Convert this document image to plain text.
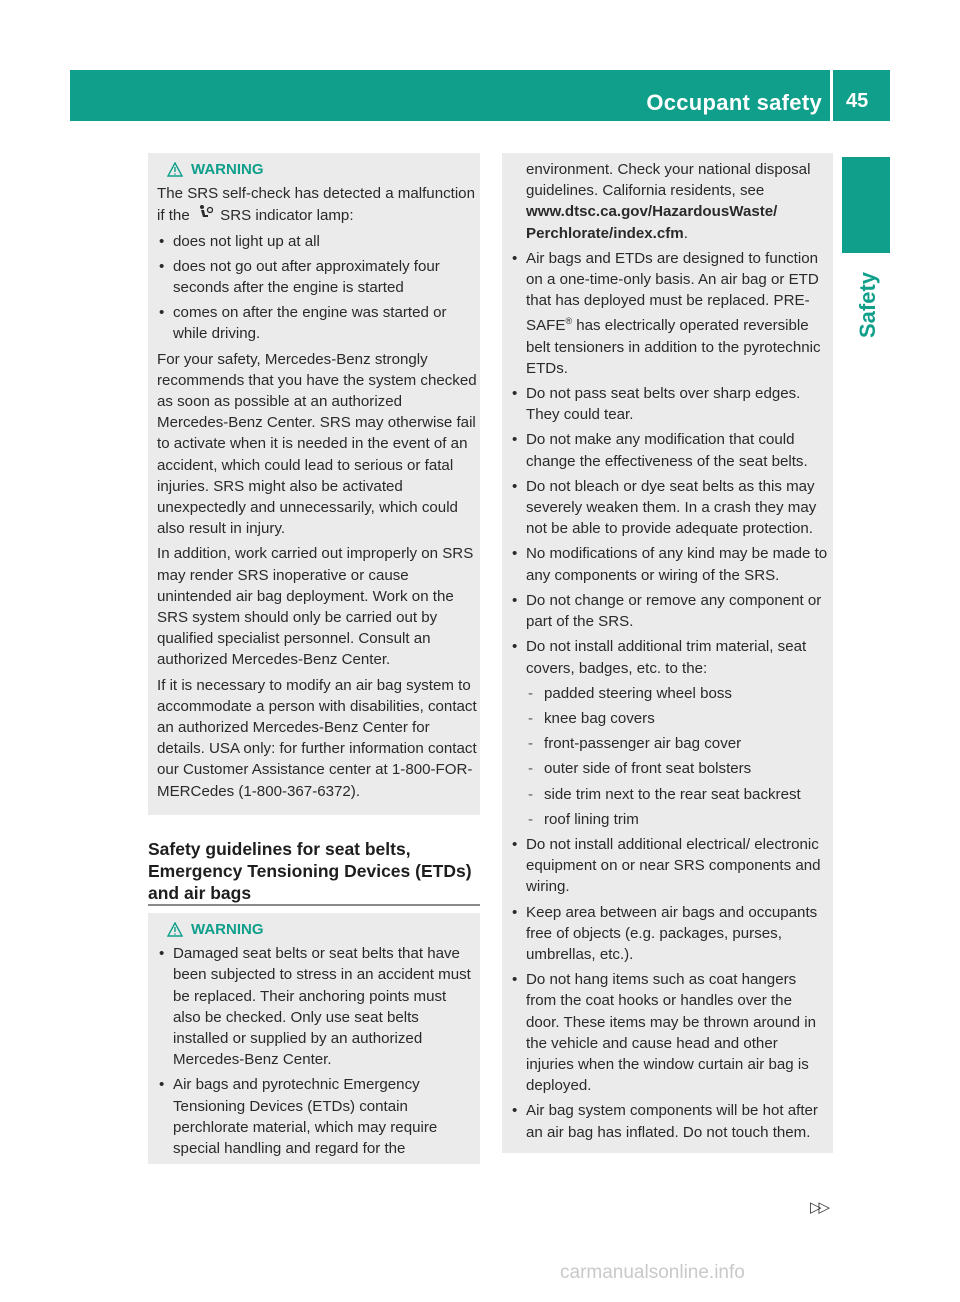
Occupant safety 45
Safety
WARNING

The SRS self-check has detected a malfunction if the SRS indicator lamp:

• does not light up at all
• does not go out after approximately four seconds after the engine is started
• comes on after the engine was started or while driving.

For your safety, Mercedes-Benz strongly recommends that you have the system checked as soon as possible at an authorized Mercedes-Benz Center. SRS may otherwise fail to activate when it is needed in the event of an accident, which could lead to serious or fatal injuries. SRS might also be activated unexpectedly and unnecessarily, which could also result in injury.

In addition, work carried out improperly on SRS may render SRS inoperative or cause unintended air bag deployment. Work on the SRS system should only be carried out by qualified specialist personnel. Consult an authorized Mercedes-Benz Center.

If it is necessary to modify an air bag system to accommodate a person with disabilities, contact an authorized Mercedes-Benz Center for details. USA only: for further information contact our Customer Assistance center at 1-800-FOR-MERCedes (1-800-367-6372).

Safety guidelines for seat belts, Emergency Tensioning Devices (ETDs) and air bags
WARNING
• Damaged seat belts or seat belts that have been subjected to stress in an accident must be replaced. Their anchoring points must also be checked. Only use seat belts installed or supplied by an authorized Mercedes-Benz Center.
• Air bags and pyrotechnic Emergency Tensioning Devices (ETDs) contain perchlorate material, which may require special handling and regard for the

environment. Check your national disposal guidelines. California residents, see www.dtsc.ca.gov/HazardousWaste/ Perchlorate/index.cfm.

• Air bags and ETDs are designed to function on a one-time-only basis. An air bag or ETD that has deployed must be replaced. PRE-SAFE® has electrically operated reversible belt tensioners in addition to the pyrotechnic ETDs.
• Do not pass seat belts over sharp edges. They could tear.
• Do not make any modification that could change the effectiveness of the seat belts.
• Do not bleach or dye seat belts as this may severely weaken them. In a crash they may not be able to provide adequate protection.
• No modifications of any kind may be made to any components or wiring of the SRS.
• Do not change or remove any component or part of the SRS.
• Do not install additional trim material, seat covers, badges, etc. to the:
- padded steering wheel boss
- knee bag covers
- front-passenger air bag cover
- outer side of front seat bolsters
- side trim next to the rear seat backrest
- roof lining trim
• Do not install additional electrical/ electronic equipment on or near SRS components and wiring.
• Keep area between air bags and occupants free of objects (e.g. packages, purses, umbrellas, etc.).
• Do not hang items such as coat hangers from the coat hooks or handles over the door. These items may be thrown around in the vehicle and cause head and other injuries when the window curtain air bag is deployed.
• Air bag system components will be hot after an air bag has inflated. Do not touch them.
▷▷
carmanualsonline.info
